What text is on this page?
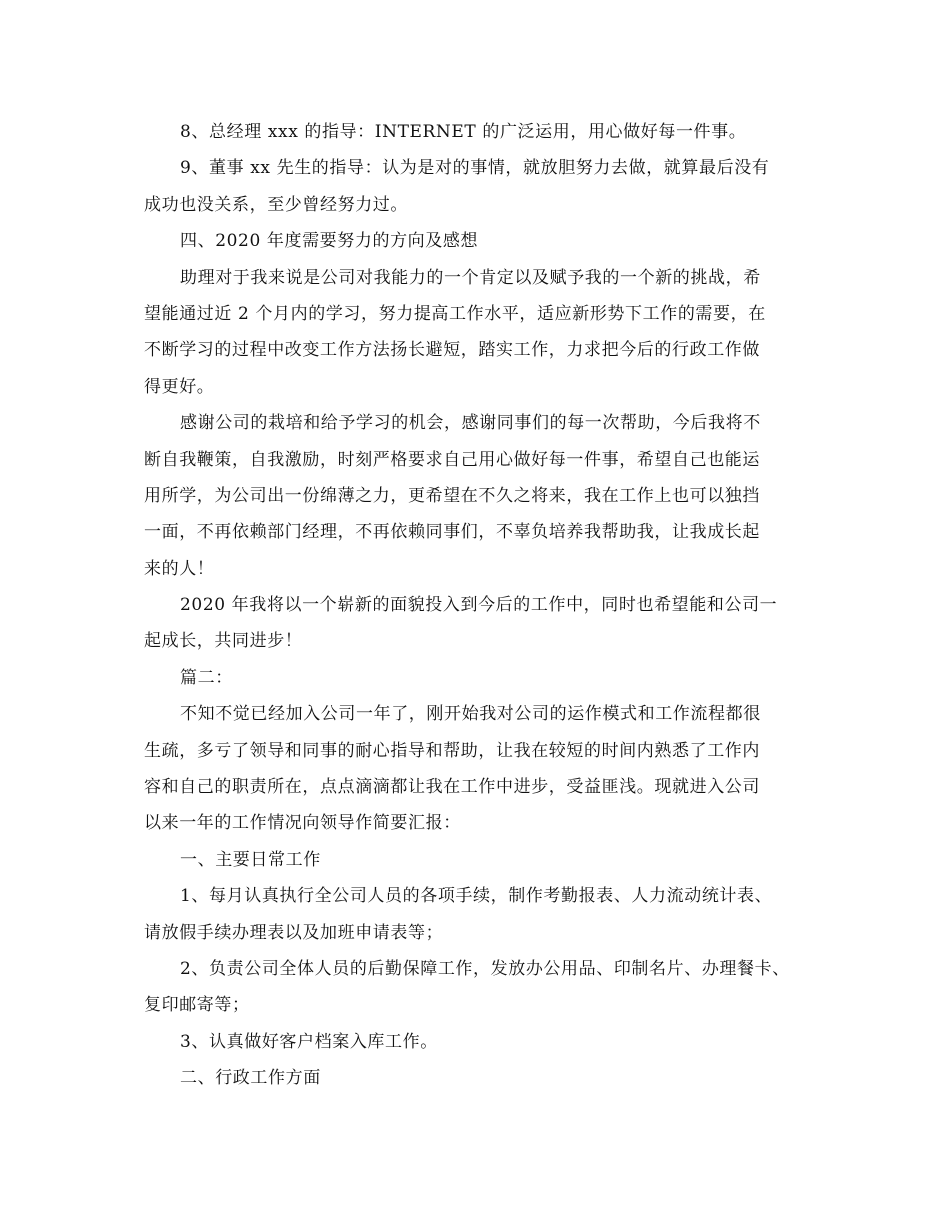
8、总经理 xxx 的指导：INTERNET 的广泛运用，用心做好每一件事。
9、董事 xx 先生的指导：认为是对的事情，就放胆努力去做，就算最后没有
成功也没关系，至少曾经努力过。
四、2020 年度需要努力的方向及感想
助理对于我来说是公司对我能力的一个肯定以及赋予我的一个新的挑战，希
望能通过近 2 个月内的学习，努力提高工作水平，适应新形势下工作的需要，在
不断学习的过程中改变工作方法扬长避短，踏实工作，力求把今后的行政工作做
得更好。
感谢公司的栽培和给予学习的机会，感谢同事们的每一次帮助，今后我将不
断自我鞭策，自我激励，时刻严格要求自己用心做好每一件事，希望自己也能运
用所学，为公司出一份绵薄之力，更希望在不久之将来，我在工作上也可以独挡
一面，不再依赖部门经理，不再依赖同事们，不辜负培养我帮助我，让我成长起
来的人！
2020 年我将以一个崭新的面貌投入到今后的工作中，同时也希望能和公司一
起成长，共同进步！
篇二：
不知不觉已经加入公司一年了，刚开始我对公司的运作模式和工作流程都很
生疏，多亏了领导和同事的耐心指导和帮助，让我在较短的时间内熟悉了工作内
容和自己的职责所在，点点滴滴都让我在工作中进步，受益匪浅。现就进入公司
以来一年的工作情况向领导作简要汇报：
一、主要日常工作
1、每月认真执行全公司人员的各项手续，制作考勤报表、人力流动统计表、
请放假手续办理表以及加班申请表等；
2、负责公司全体人员的后勤保障工作，发放办公用品、印制名片、办理餐卡、
复印邮寄等；
3、认真做好客户档案入库工作。
二、行政工作方面
